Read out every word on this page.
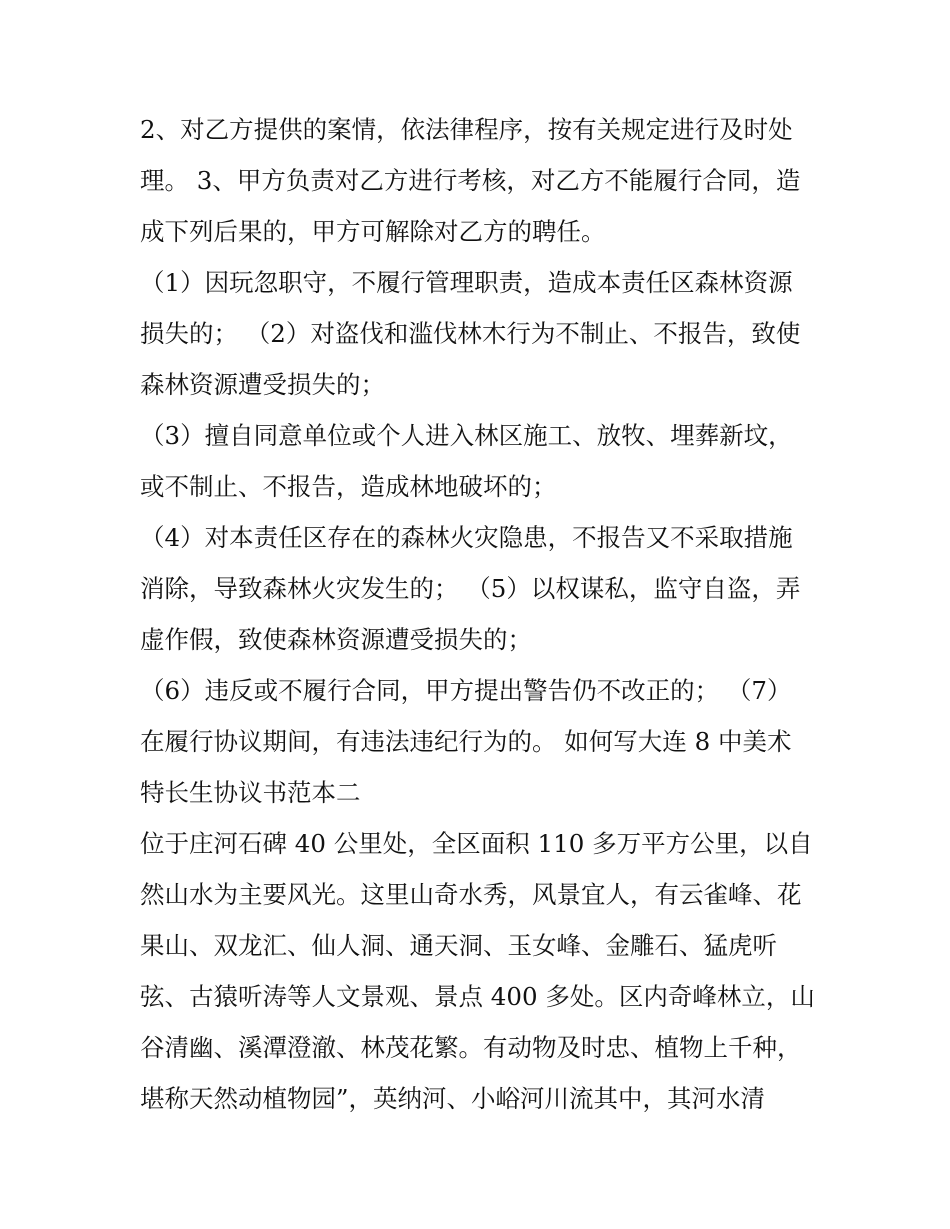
2、对乙方提供的案情，依法律程序，按有关规定进行及时处
理。 3、甲方负责对乙方进行考核，对乙方不能履行合同，造
成下列后果的，甲方可解除对乙方的聘任。
（1）因玩忽职守，不履行管理职责，造成本责任区森林资源
损失的； （2）对盗伐和滥伐林木行为不制止、不报告，致使
森林资源遭受损失的；
（3）擅自同意单位或个人进入林区施工、放牧、埋葬新坟，
或不制止、不报告，造成林地破坏的；
（4）对本责任区存在的森林火灾隐患，不报告又不采取措施
消除，导致森林火灾发生的； （5）以权谋私，监守自盗，弄
虚作假，致使森林资源遭受损失的；
（6）违反或不履行合同，甲方提出警告仍不改正的； （7）
在履行协议期间，有违法违纪行为的。 如何写大连 8 中美术
特长生协议书范本二
位于庄河石碑 40 公里处，全区面积 110 多万平方公里，以自
然山水为主要风光。这里山奇水秀，风景宜人，有云雀峰、花
果山、双龙汇、仙人洞、通天洞、玉女峰、金雕石、猛虎听
弦、古猿听涛等人文景观、景点 400 多处。区内奇峰林立，山
谷清幽、溪潭澄澈、林茂花繁。有动物及时忠、植物上千种，
堪称天然动植物园”，英纳河、小峪河川流其中，其河水清
